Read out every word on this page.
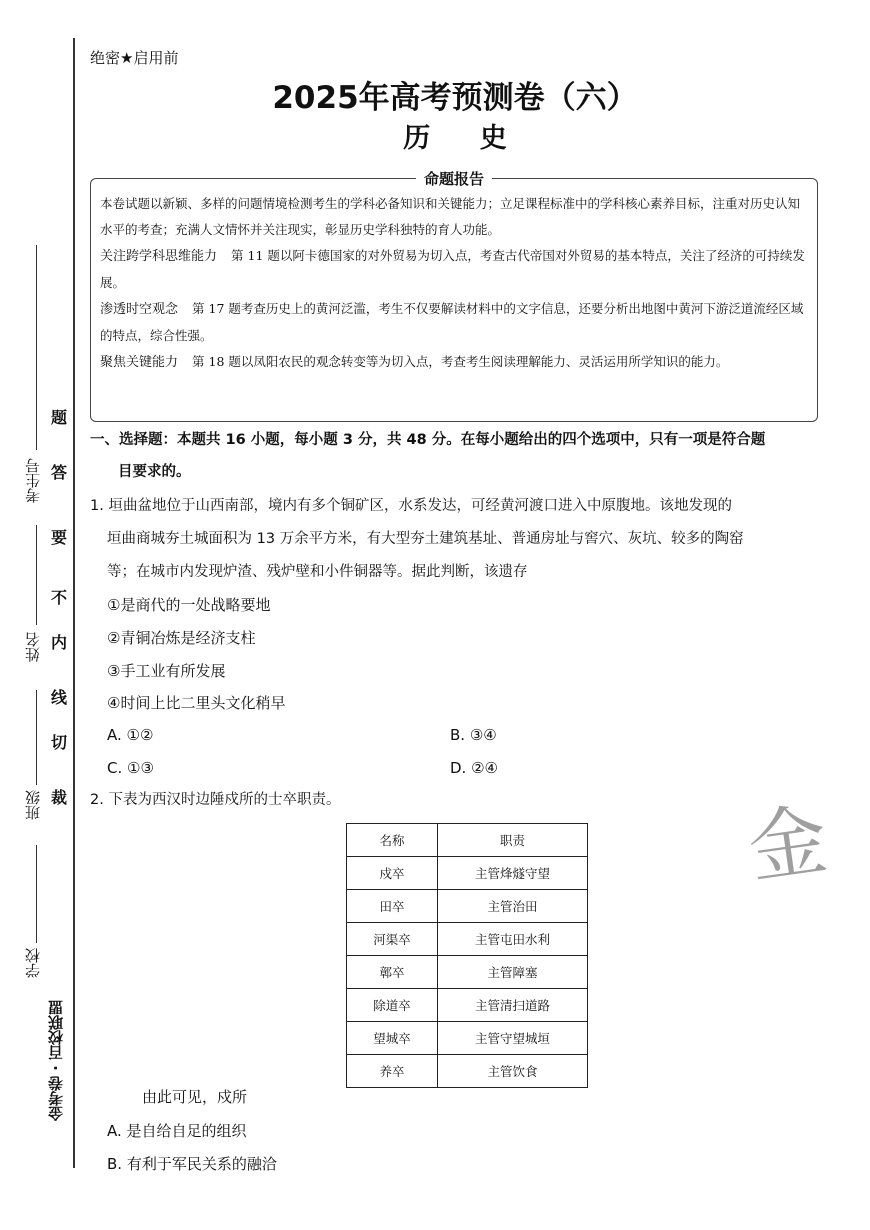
题
答
要
不
内
线
切
裁
考生号
姓名
班级
学校
金考卷 · 百校联盟
绝密★启用前
2025年高考预测卷（六）
历 史
命题报告
本卷试题以新颖、多样的问题情境检测考生的学科必备知识和关键能力；立足课程标准中的学科核心素养目标，注重对历史认知水平的考查；充满人文情怀并关注现实，彰显历史学科独特的育人功能。
关注跨学科思维能力 第 11 题以阿卡德国家的对外贸易为切入点，考查古代帝国对外贸易的基本特点，关注了经济的可持续发展。
渗透时空观念 第 17 题考查历史上的黄河泛滥，考生不仅要解读材料中的文字信息，还要分析出地图中黄河下游泛道流经区域的特点，综合性强。
聚焦关键能力 第 18 题以凤阳农民的观念转变等为切入点，考查考生阅读理解能力、灵活运用所学知识的能力。
一、选择题：本题共 16 小题，每小题 3 分，共 48 分。在每小题给出的四个选项中，只有一项是符合题
目要求的。
1. 垣曲盆地位于山西南部，境内有多个铜矿区，水系发达，可经黄河渡口进入中原腹地。该地发现的
垣曲商城夯土城面积为 13 万余平方米，有大型夯土建筑基址、普通房址与窖穴、灰坑、较多的陶窑
等；在城市内发现炉渣、残炉壁和小件铜器等。据此判断，该遗存
①是商代的一处战略要地
②青铜冶炼是经济支柱
③手工业有所发展
④时间上比二里头文化稍早
A. ①②	B. ③④
C. ①③	D. ②④
2. 下表为西汉时边陲戍所的士卒职责。
名称	职责
戍卒	主管烽燧守望
田卒	主管治田
河渠卒	主管屯田水利
鄣卒	主管障塞
除道卒	主管清扫道路
望城卒	主管守望城垣
养卒	主管饮食
由此可见，戍所
A. 是自给自足的组织
B. 有利于军民关系的融洽
金
